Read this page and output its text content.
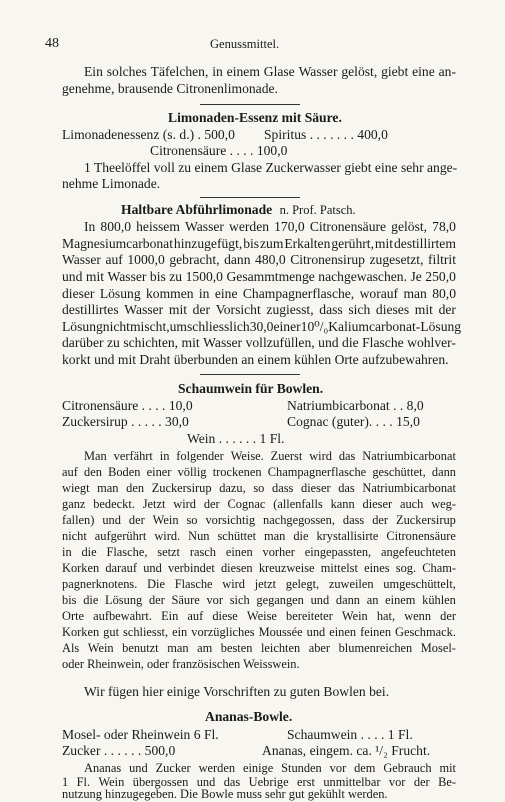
48	Genussmittel.
Ein solches Täfelchen, in einem Glase Wasser gelöst, giebt eine an-
genehme, brausende Citronenlimonade.
Limonaden-Essenz mit Säure.
Limonadenessenz (s. d.) . 500,0 Spiritus . . . . . . . 400,0
Citronensäure . . . . 100,0
1 Theelöffel voll zu einem Glase Zuckerwasser giebt eine sehr ange-
nehme Limonade.
Haltbare Abführlimonade n. Prof. Patsch.
In 800,0 heissem Wasser werden 170,0 Citronensäure gelöst, 78,0
Magnesiumcarbonat hinzugefügt, bis zum Erkalten gerührt, mit destillirtem
Wasser auf 1000,0 gebracht, dann 480,0 Citronensirup zugesetzt, filtrit
und mit Wasser bis zu 1500,0 Gesammtmenge nachgewaschen. Je 250,0
dieser Lösung kommen in eine Champagnerflasche, worauf man 80,0
destillirtes Wasser mit der Vorsicht zugiesst, dass sich dieses mit der
Lösung nicht mischt, um schliesslich 30,0 einer 10⁰/₀ Kaliumcarbonat-Lösung
darüber zu schichten, mit Wasser vollzufüllen, und die Flasche wohlver-
korkt und mit Draht überbunden an einem kühlen Orte aufzubewahren.
Schaumwein für Bowlen.
Citronensäure . . . . 10,0	Natriumbicarbonat . . 8,0
Zuckersirup . . . . . 30,0	Cognac (guter). . . . 15,0
Wein . . . . . . 1 Fl.
Man verfährt in folgender Weise. Zuerst wird das Natriumbicarbonat
auf den Boden einer völlig trockenen Champagnerflasche geschüttet, dann
wiegt man den Zuckersirup dazu, so dass dieser das Natriumbicarbonat
ganz bedeckt. Jetzt wird der Cognac (allenfalls kann dieser auch weg-
fallen) und der Wein so vorsichtig nachgegossen, dass der Zuckersirup
nicht aufgerührt wird. Nun schüttet man die krystallisirte Citronensäure
in die Flasche, setzt rasch einen vorher eingepassten, angefeuchteten
Korken darauf und verbindet diesen kreuzweise mittelst eines sog. Cham-
pagnerknotens. Die Flasche wird jetzt gelegt, zuweilen umgeschüttelt,
bis die Lösung der Säure vor sich gegangen und dann an einem kühlen
Orte aufbewahrt. Ein auf diese Weise bereiteter Wein hat, wenn der
Korken gut schliesst, ein vorzügliches Moussée und einen feinen Geschmack.
Als Wein benutzt man am besten leichten aber blumenreichen Mosel-
oder Rheinwein, oder französischen Weisswein.
Wir fügen hier einige Vorschriften zu guten Bowlen bei.
Ananas-Bowle.
Mosel- oder Rheinwein 6 Fl.	Schaumwein . . . . 1 Fl.
Zucker . . . . . . 500,0	Ananas, eingem. ca. ¹/₂ Frucht.
Ananas und Zucker werden einige Stunden vor dem Gebrauch mit
1 Fl. Wein übergossen und das Uebrige erst unmittelbar vor der Be-
nutzung hinzugegeben. Die Bowle muss sehr gut gekühlt werden.
